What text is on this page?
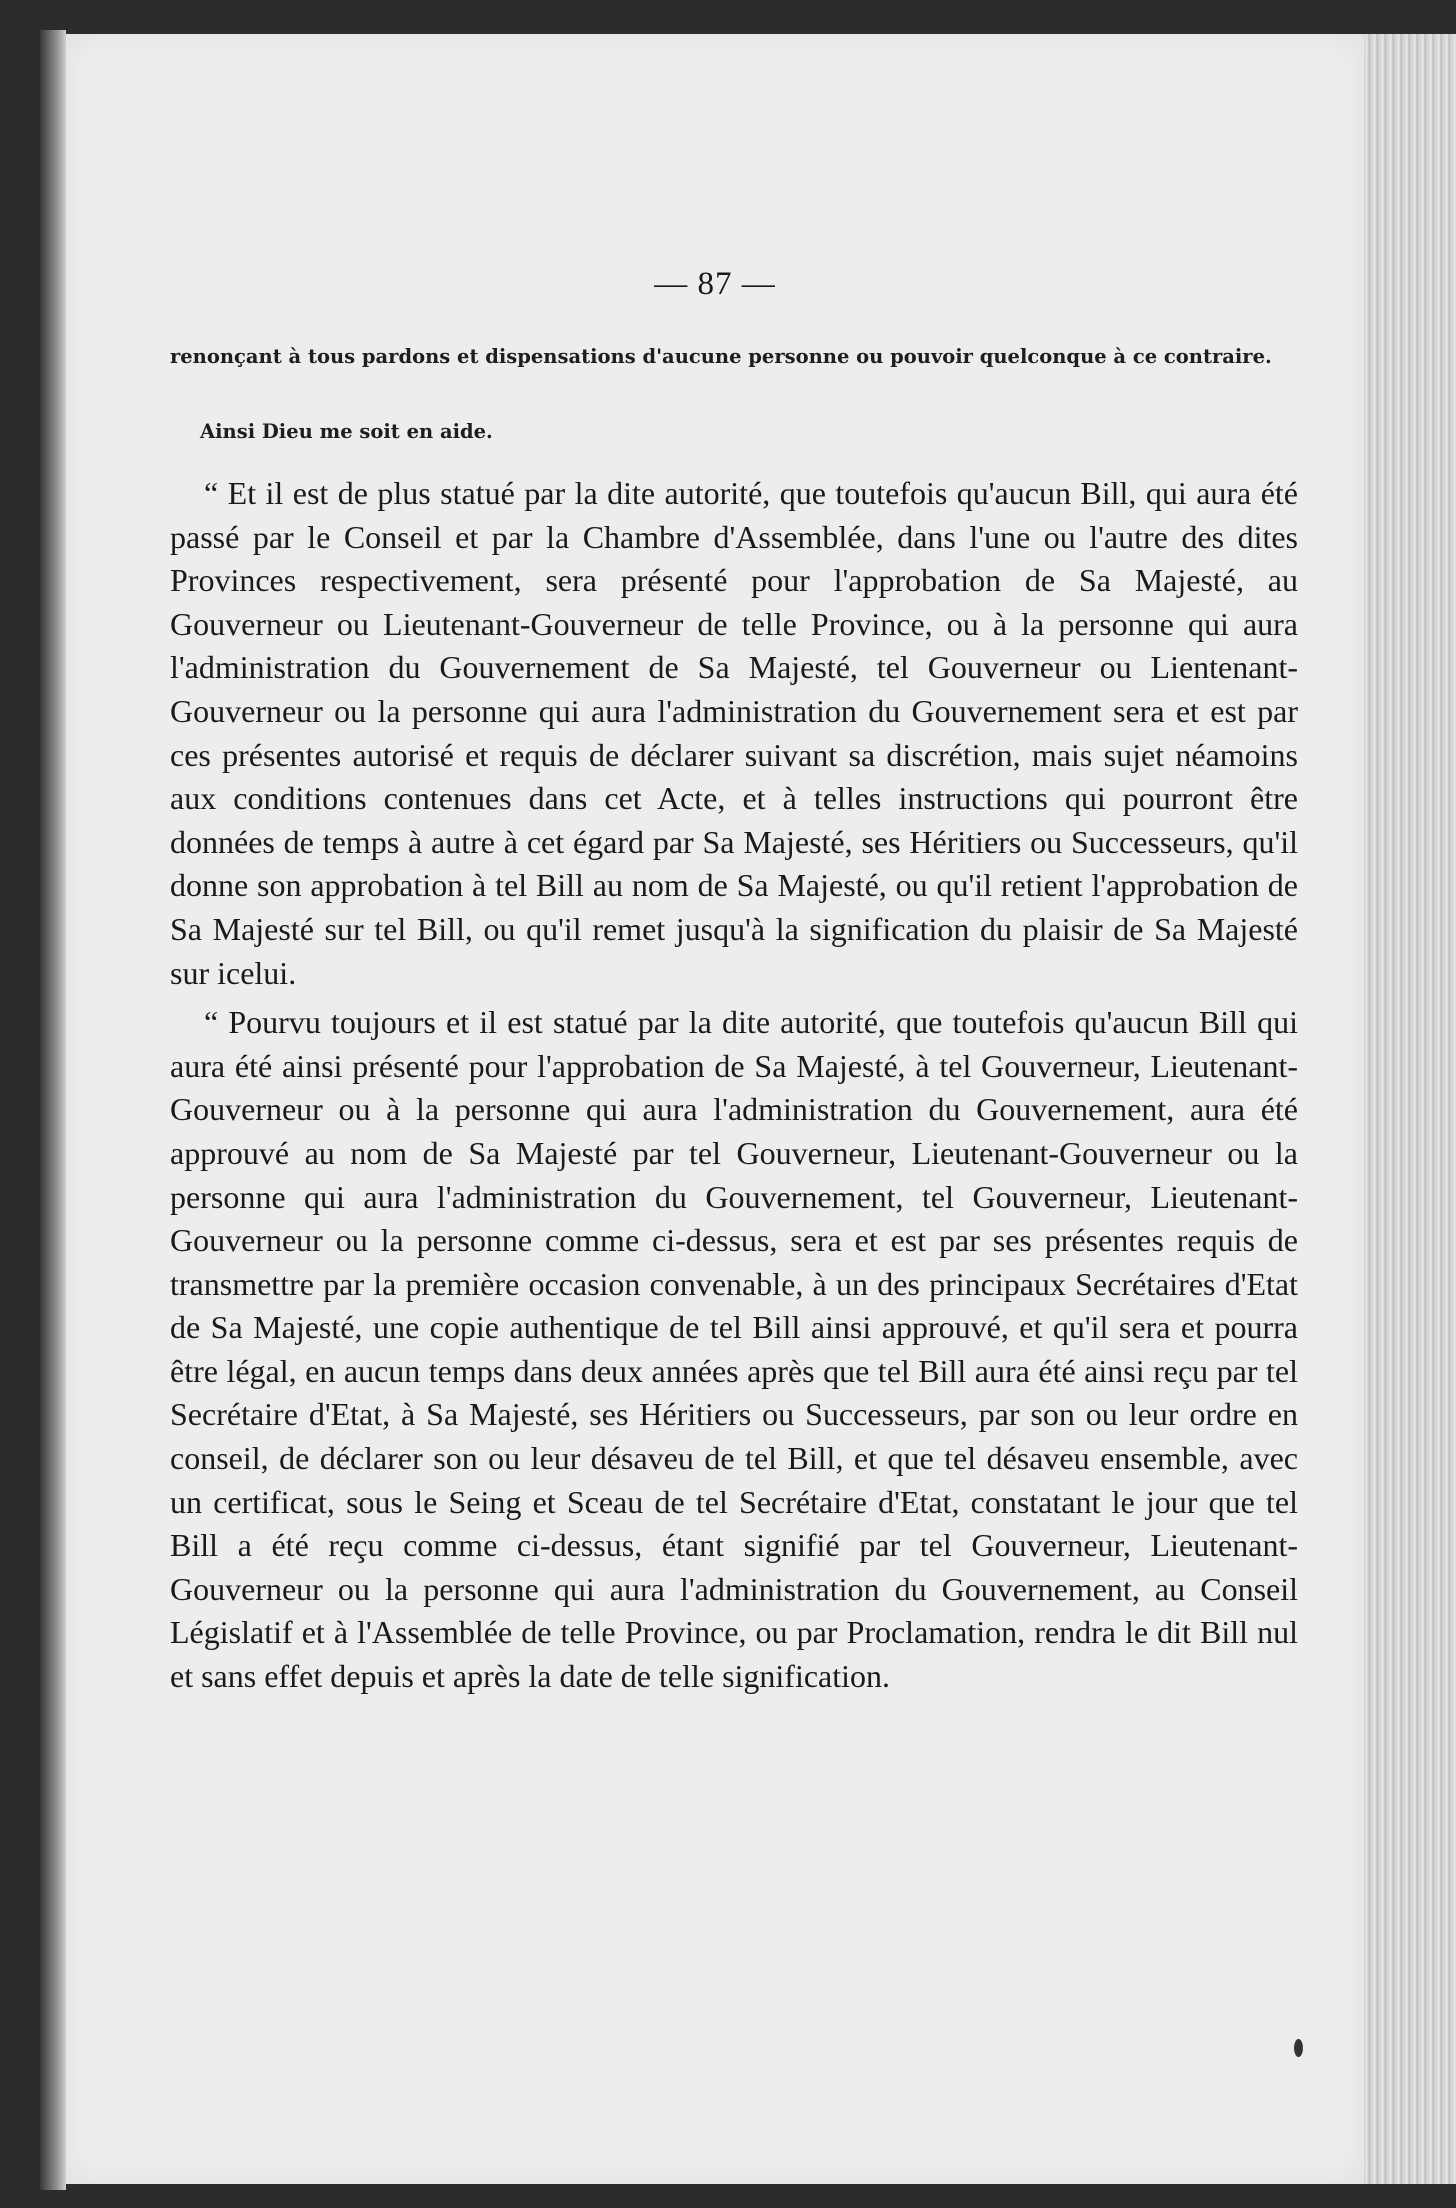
— 87 —
renonçant à tous pardons et dispensations d'aucune personne ou pouvoir quelconque à ce contraire.
Ainsi Dieu me soit en aide.

“ Et il est de plus statué par la dite autorité, que toutefois qu'aucun Bill, qui aura été passé par le Conseil et par la Chambre d'Assemblée, dans l'une ou l'autre des dites Provinces respectivement, sera présenté pour l'approbation de Sa Majesté, au Gouverneur ou Lieutenant-Gouverneur de telle Province, ou à la personne qui aura l'administration du Gouvernement de Sa Majesté, tel Gouverneur ou Lientenant-Gouverneur ou la personne qui aura l'administration du Gouvernement sera et est par ces présentes autorisé et requis de déclarer suivant sa discrétion, mais sujet néamoins aux conditions contenues dans cet Acte, et à telles instructions qui pourront être données de temps à autre à cet égard par Sa Majesté, ses Héritiers ou Successeurs, qu'il donne son approbation à tel Bill au nom de Sa Majesté, ou qu'il retient l'approbation de Sa Majesté sur tel Bill, ou qu'il remet jusqu'à la signification du plaisir de Sa Majesté sur icelui.

“ Pourvu toujours et il est statué par la dite autorité, que toutefois qu'aucun Bill qui aura été ainsi présenté pour l'approbation de Sa Majesté, à tel Gouverneur, Lieutenant-Gouverneur ou à la personne qui aura l'administration du Gouvernement, aura été approuvé au nom de Sa Majesté par tel Gouverneur, Lieutenant-Gouverneur ou la personne qui aura l'administration du Gouvernement, tel Gouverneur, Lieutenant-Gouverneur ou la personne comme ci-dessus, sera et est par ses présentes requis de transmettre par la première occasion convenable, à un des principaux Secrétaires d'Etat de Sa Majesté, une copie authentique de tel Bill ainsi approuvé, et qu'il sera et pourra être légal, en aucun temps dans deux années après que tel Bill aura été ainsi reçu par tel Secrétaire d'Etat, à Sa Majesté, ses Héritiers ou Successeurs, par son ou leur ordre en conseil, de déclarer son ou leur désaveu de tel Bill, et que tel désaveu ensemble, avec un certificat, sous le Seing et Sceau de tel Secrétaire d'Etat, constatant le jour que tel Bill a été reçu comme ci-dessus, étant signifié par tel Gouverneur, Lieutenant-Gouverneur ou la personne qui aura l'administration du Gouvernement, au Conseil Législatif et à l'Assemblée de telle Province, ou par Proclamation, rendra le dit Bill nul et sans effet depuis et après la date de telle signification.
